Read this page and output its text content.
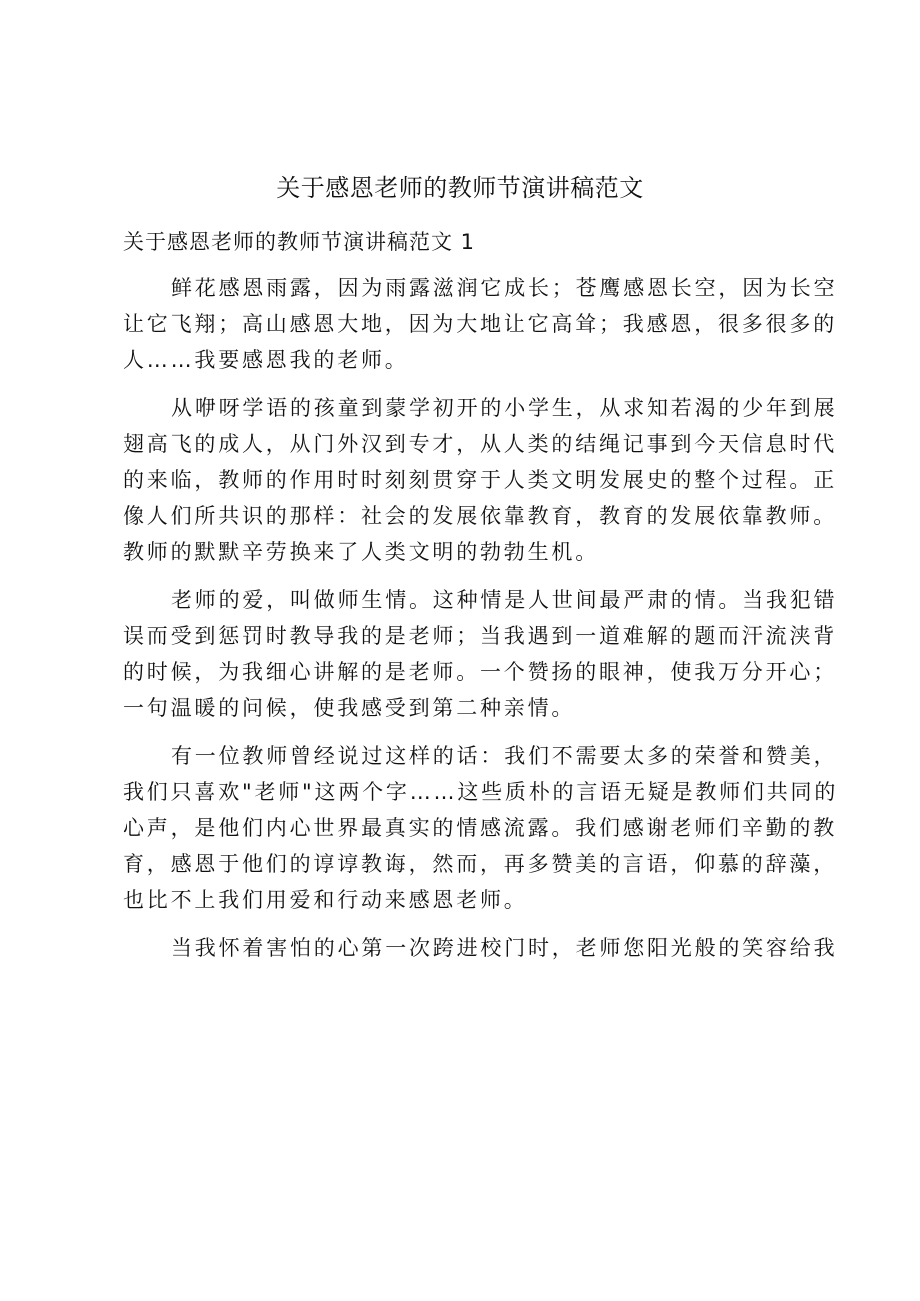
关于感恩老师的教师节演讲稿范文
关于感恩老师的教师节演讲稿范文 1
鲜花感恩雨露，因为雨露滋润它成长；苍鹰感恩长空，因为长空
让它飞翔；高山感恩大地，因为大地让它高耸；我感恩，很多很多的
人……我要感恩我的老师。
从咿呀学语的孩童到蒙学初开的小学生，从求知若渴的少年到展
翅高飞的成人，从门外汉到专才，从人类的结绳记事到今天信息时代
的来临，教师的作用时时刻刻贯穿于人类文明发展史的整个过程。正
像人们所共识的那样：社会的发展依靠教育，教育的发展依靠教师。
教师的默默辛劳换来了人类文明的勃勃生机。
老师的爱，叫做师生情。这种情是人世间最严肃的情。当我犯错
误而受到惩罚时教导我的是老师；当我遇到一道难解的题而汗流浃背
的时候，为我细心讲解的是老师。一个赞扬的眼神，使我万分开心；
一句温暖的问候，使我感受到第二种亲情。
有一位教师曾经说过这样的话：我们不需要太多的荣誉和赞美，
我们只喜欢"老师"这两个字……这些质朴的言语无疑是教师们共同的
心声，是他们内心世界最真实的情感流露。我们感谢老师们辛勤的教
育，感恩于他们的谆谆教诲，然而，再多赞美的言语，仰慕的辞藻，
也比不上我们用爱和行动来感恩老师。
当我怀着害怕的心第一次跨进校门时，老师您阳光般的笑容给我
